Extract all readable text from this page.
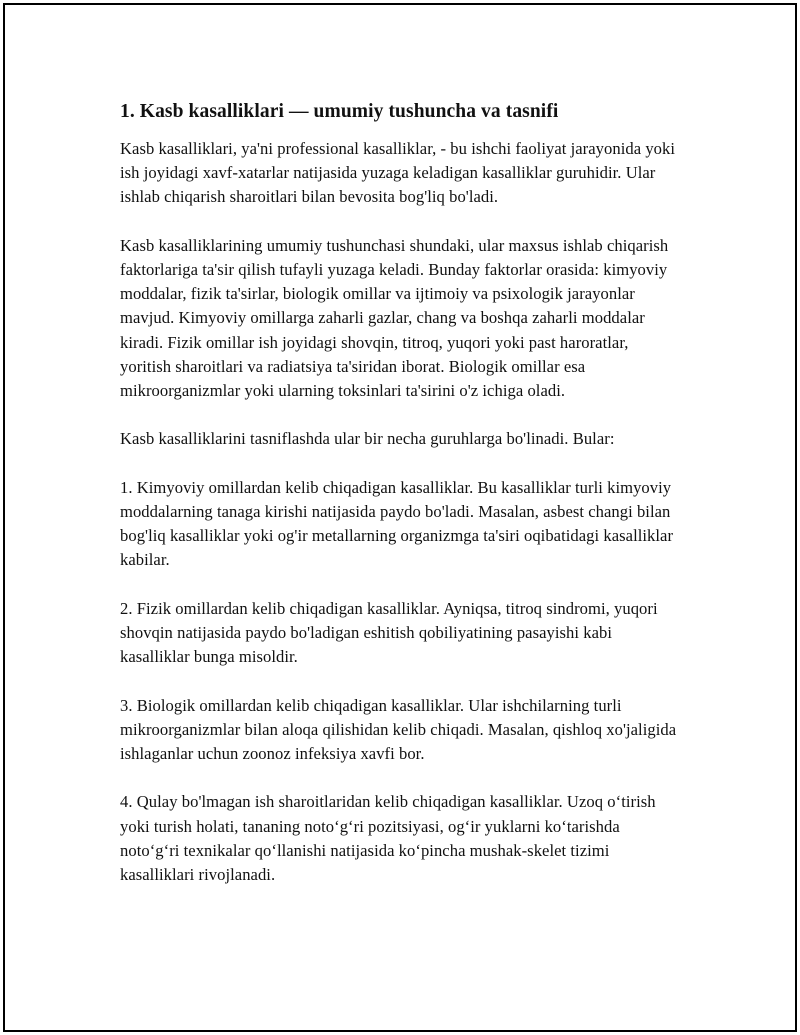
1. Kasb kasalliklari — umumiy tushuncha va tasnifi

Kasb kasalliklari, ya'ni professional kasalliklar, - bu ishchi faoliyat jarayonida yoki ish joyidagi xavf-xatarlar natijasida yuzaga keladigan kasalliklar guruhidir. Ular ishlab chiqarish sharoitlari bilan bevosita bog'liq bo'ladi.

Kasb kasalliklarining umumiy tushunchasi shundaki, ular maxsus ishlab chiqarish faktorlariga ta'sir qilish tufayli yuzaga keladi. Bunday faktorlar orasida: kimyoviy moddalar, fizik ta'sirlar, biologik omillar va ijtimoiy va psixologik jarayonlar mavjud. Kimyoviy omillarga zaharli gazlar, chang va boshqa zaharli moddalar kiradi. Fizik omillar ish joyidagi shovqin, titroq, yuqori yoki past haroratlar, yoritish sharoitlari va radiatsiya ta'siridan iborat. Biologik omillar esa mikroorganizmlar yoki ularning toksinlari ta'sirini o'z ichiga oladi.

Kasb kasalliklarini tasniflashda ular bir necha guruhlarga bo'linadi. Bular:

1. Kimyoviy omillardan kelib chiqadigan kasalliklar. Bu kasalliklar turli kimyoviy moddalarning tanaga kirishi natijasida paydo bo'ladi. Masalan, asbest changi bilan bog'liq kasalliklar yoki og'ir metallarning organizmga ta'siri oqibatidagi kasalliklar kabilar.

2. Fizik omillardan kelib chiqadigan kasalliklar. Ayniqsa, titroq sindromi, yuqori shovqin natijasida paydo bo'ladigan eshitish qobiliyatining pasayishi kabi kasalliklar bunga misoldir.

3. Biologik omillardan kelib chiqadigan kasalliklar. Ular ishchilarning turli mikroorganizmlar bilan aloqa qilishidan kelib chiqadi. Masalan, qishloq xo'jaligida ishlaganlar uchun zoonoz infeksiya xavfi bor.

4. Qulay bo'lmagan ish sharoitlaridan kelib chiqadigan kasalliklar. Uzoq oʻtirish yoki turish holati, tananing notoʻgʻri pozitsiyasi, ogʻir yuklarni koʻtarishda notoʻgʻri texnikalar qoʻllanishi natijasida koʻpincha mushak-skelet tizimi kasalliklari rivojlanadi.
